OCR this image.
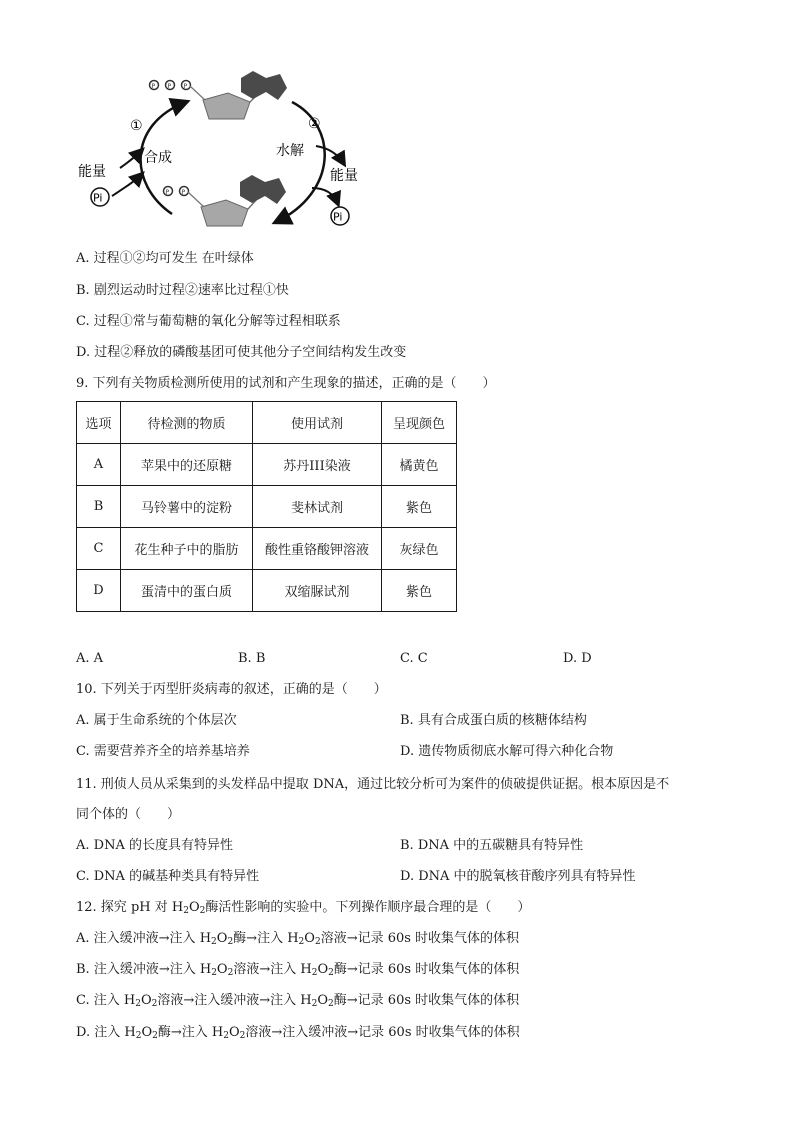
P P P
P P
Pi
Pi
①	②
合成	水解
能量	能量
A. 过程①②均可发生 在叶绿体
B. 剧烈运动时过程②速率比过程①快
C. 过程①常与葡萄糖的氧化分解等过程相联系
D. 过程②释放的磷酸基团可使其他分子空间结构发生改变
9. 下列有关物质检测所使用的试剂和产生现象的描述，正确的是（　　）
选项	待检测的物质	使用试剂	呈现颜色
A	苹果中的还原糖	苏丹III染液	橘黄色
B	马铃薯中的淀粉	斐林试剂	紫色
C	花生种子中的脂肪	酸性重铬酸钾溶液	灰绿色
D	蛋清中的蛋白质	双缩脲试剂	紫色
A. A	B. B	C. C	D. D
10. 下列关于丙型肝炎病毒的叙述，正确的是（　　）
A. 属于生命系统的个体层次	B. 具有合成蛋白质的核糖体结构
C. 需要营养齐全的培养基培养	D. 遗传物质彻底水解可得六种化合物
11. 刑侦人员从采集到的头发样品中提取 DNA，通过比较分析可为案件的侦破提供证据。根本原因是不
同个体的（　　）
A. DNA 的长度具有特异性	B. DNA 中的五碳糖具有特异性
C. DNA 的碱基种类具有特异性	D. DNA 中的脱氧核苷酸序列具有特异性
12. 探究 pH 对 $H_2O_2$酶活性影响的实验中。下列操作顺序最合理的是（　　）
A. 注入缓冲液→注入 $H_2O_2$酶→注入 $H_2O_2$溶液→记录 60s 时收集气体的体积
B. 注入缓冲液→注入 $H_2O_2$溶液→注入 $H_2O_2$酶→记录 60s 时收集气体的体积
C. 注入 $H_2O_2$溶液→注入缓冲液→注入 $H_2O_2$酶→记录 60s 时收集气体的体积
D. 注入 $H_2O_2$酶→注入 $H_2O_2$溶液→注入缓冲液→记录 60s 时收集气体的体积
